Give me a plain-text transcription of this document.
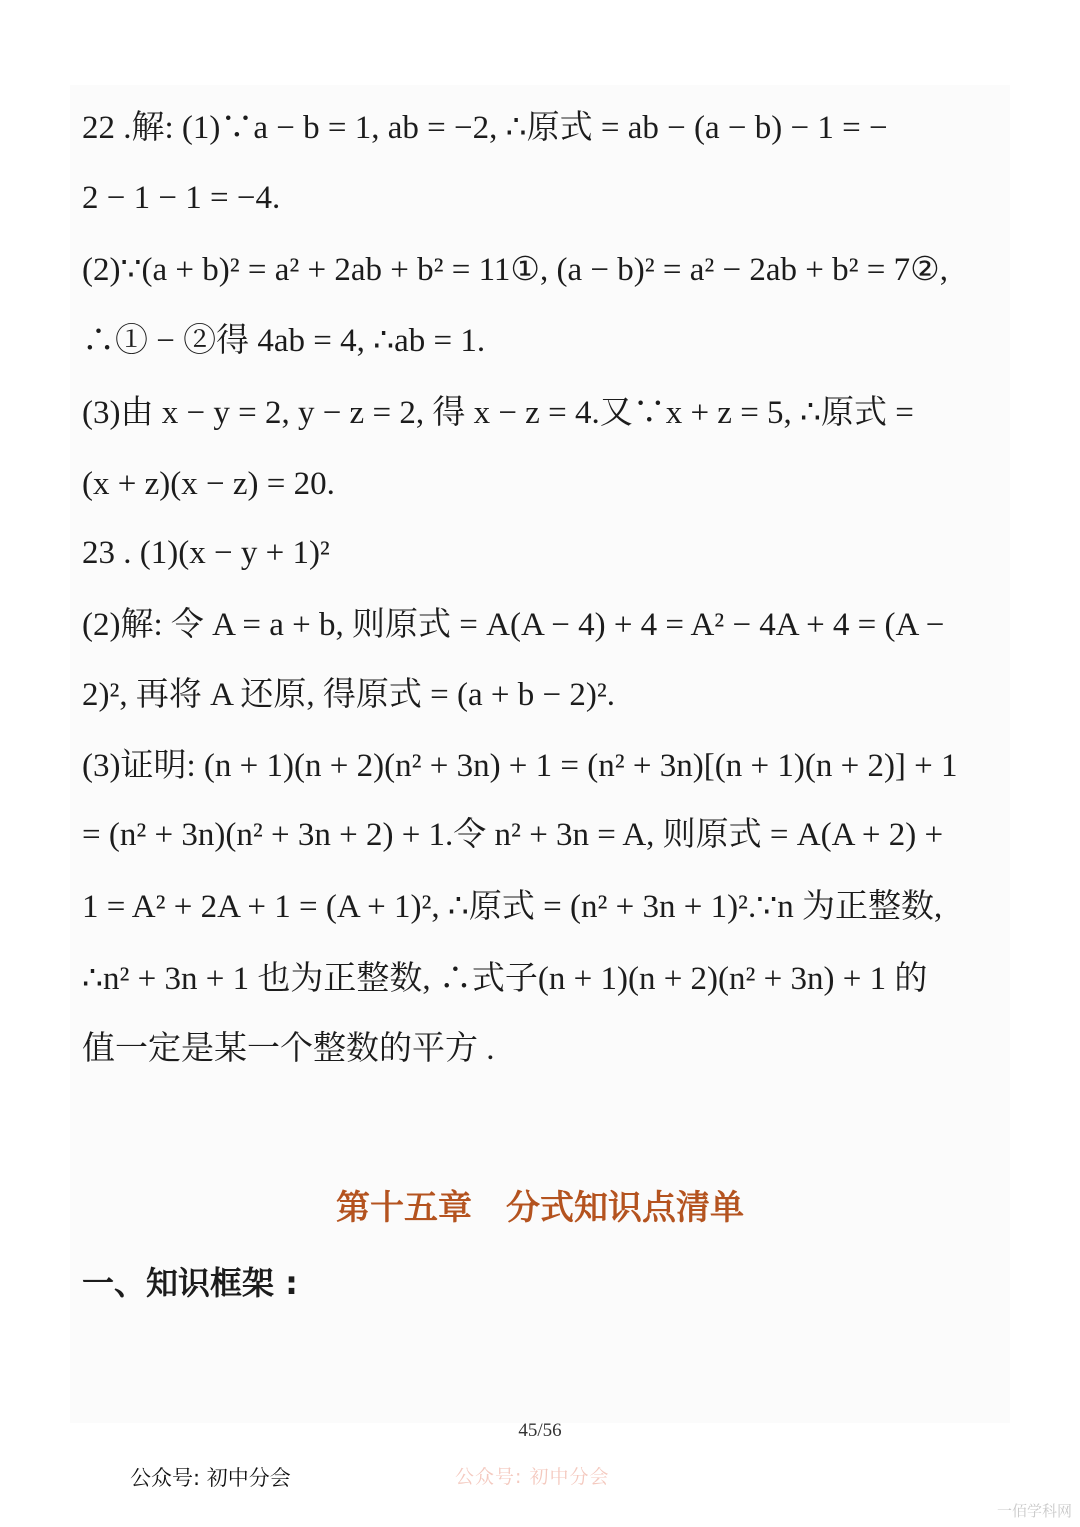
22 .解: (1)∵a − b = 1, ab = −2, ∴原式 = ab − (a − b) − 1 = −
2 − 1 − 1 = −4.
(2)∵(a + b)² = a² + 2ab + b² = 11①, (a − b)² = a² − 2ab + b² = 7②,
∴① − ②得 4ab = 4, ∴ab = 1.
(3)由 x − y = 2, y − z = 2, 得 x − z = 4.又∵x + z = 5, ∴原式 =
(x + z)(x − z) = 20.
23 . (1)(x − y + 1)²
(2)解: 令 A = a + b, 则原式 = A(A − 4) + 4 = A² − 4A + 4 = (A −
2)², 再将 A 还原, 得原式 = (a + b − 2)².
(3)证明: (n + 1)(n + 2)(n² + 3n) + 1 = (n² + 3n)[(n + 1)(n + 2)] + 1
= (n² + 3n)(n² + 3n + 2) + 1.令 n² + 3n = A, 则原式 = A(A + 2) +
1 = A² + 2A + 1 = (A + 1)², ∴原式 = (n² + 3n + 1)².∵n 为正整数,
∴n² + 3n + 1 也为正整数, ∴式子(n + 1)(n + 2)(n² + 3n) + 1 的
值一定是某一个整数的平方 .
第十五章　分式知识点清单
一、知识框架 :
45/56
公众号: 初中分会	公众号: 初中分会
一佰学科网
